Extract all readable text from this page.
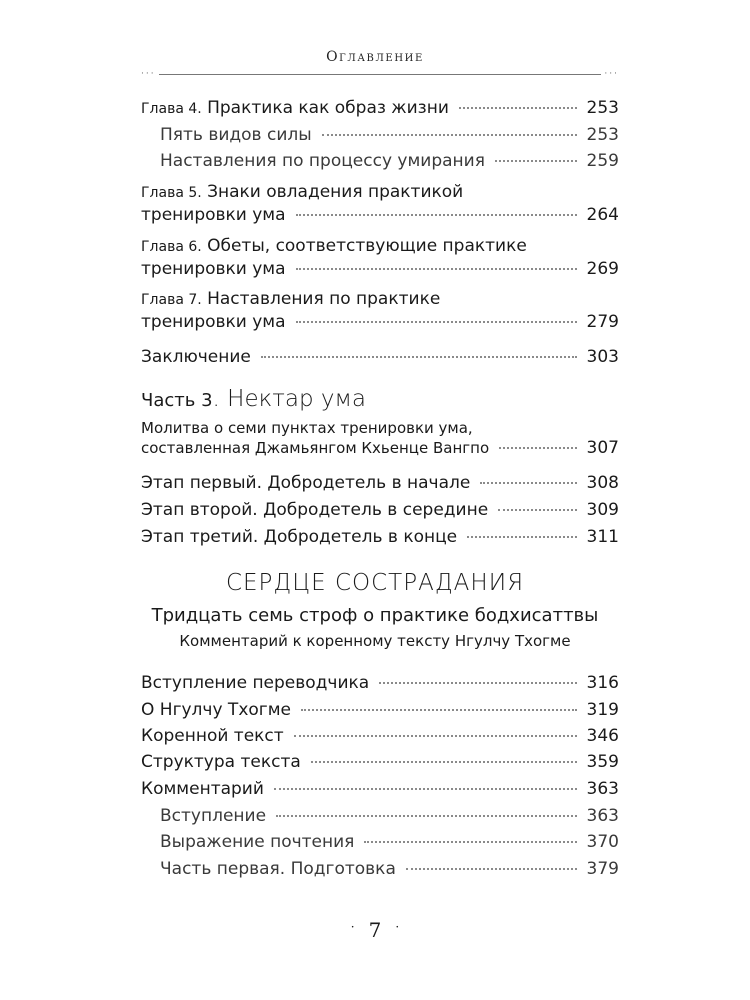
Оглавление
···	···
Глава 4. Практика как образ жизни	253
Пять видов силы	253
Наставления по процессу умирания	259
Глава 5. Знаки овладения практикой
тренировки ума	264
Глава 6. Обеты, соответствующие практике
тренировки ума	269
Глава 7. Наставления по практике
тренировки ума	279
Заключение	303
Часть 3. Нектар ума
Молитва о семи пунктах тренировки ума,
составленная Джамьянгом Кхьенце Вангпо	307
Этап первый. Добродетель в начале	308
Этап второй. Добродетель в середине	309
Этап третий. Добродетель в конце	311
СЕРДЦЕ СОСТРАДАНИЯ
Тридцать семь строф о практике бодхисаттвы
Комментарий к коренному тексту Нгулчу Тхогме
Вступление переводчика	316
О Нгулчу Тхогме	319
Коренной текст	346
Структура текста	359
Комментарий	363
Вступление	363
Выражение почтения	370
Часть первая. Подготовка	379
· 7 ·
